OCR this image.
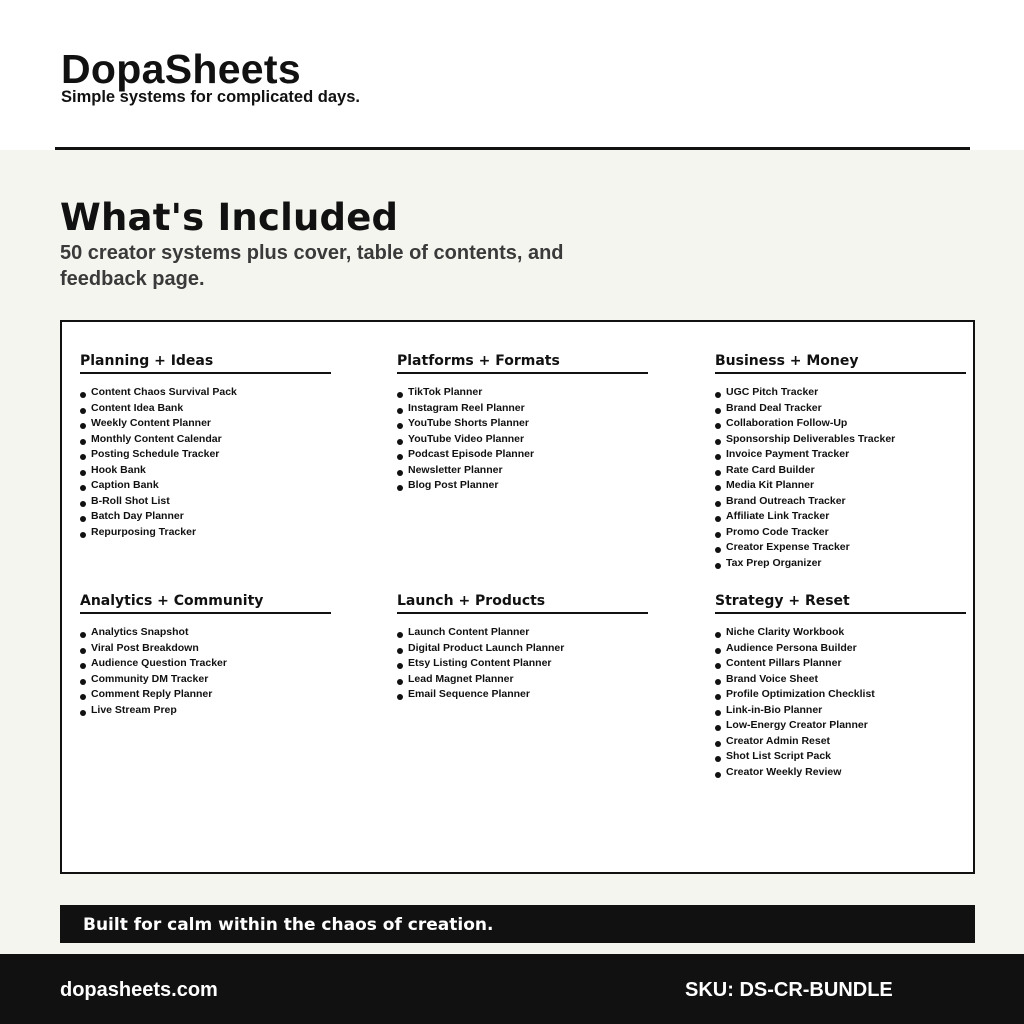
DopaSheets
Simple systems for complicated days.
What's Included

50 creator systems plus cover, table of contents, and feedback page.

Planning + Ideas
Content Chaos Survival Pack
Content Idea Bank
Weekly Content Planner
Monthly Content Calendar
Posting Schedule Tracker
Hook Bank
Caption Bank
B-Roll Shot List
Batch Day Planner
Repurposing Tracker
Platforms + Formats
TikTok Planner
Instagram Reel Planner
YouTube Shorts Planner
YouTube Video Planner
Podcast Episode Planner
Newsletter Planner
Blog Post Planner
Business + Money
UGC Pitch Tracker
Brand Deal Tracker
Collaboration Follow-Up
Sponsorship Deliverables Tracker
Invoice Payment Tracker
Rate Card Builder
Media Kit Planner
Brand Outreach Tracker
Affiliate Link Tracker
Promo Code Tracker
Creator Expense Tracker
Tax Prep Organizer
Analytics + Community
Analytics Snapshot
Viral Post Breakdown
Audience Question Tracker
Community DM Tracker
Comment Reply Planner
Live Stream Prep
Launch + Products
Launch Content Planner
Digital Product Launch Planner
Etsy Listing Content Planner
Lead Magnet Planner
Email Sequence Planner
Strategy + Reset
Niche Clarity Workbook
Audience Persona Builder
Content Pillars Planner
Brand Voice Sheet
Profile Optimization Checklist
Link-in-Bio Planner
Low-Energy Creator Planner
Creator Admin Reset
Shot List Script Pack
Creator Weekly Review
Built for calm within the chaos of creation.
dopasheets.com	SKU: DS-CR-BUNDLE
